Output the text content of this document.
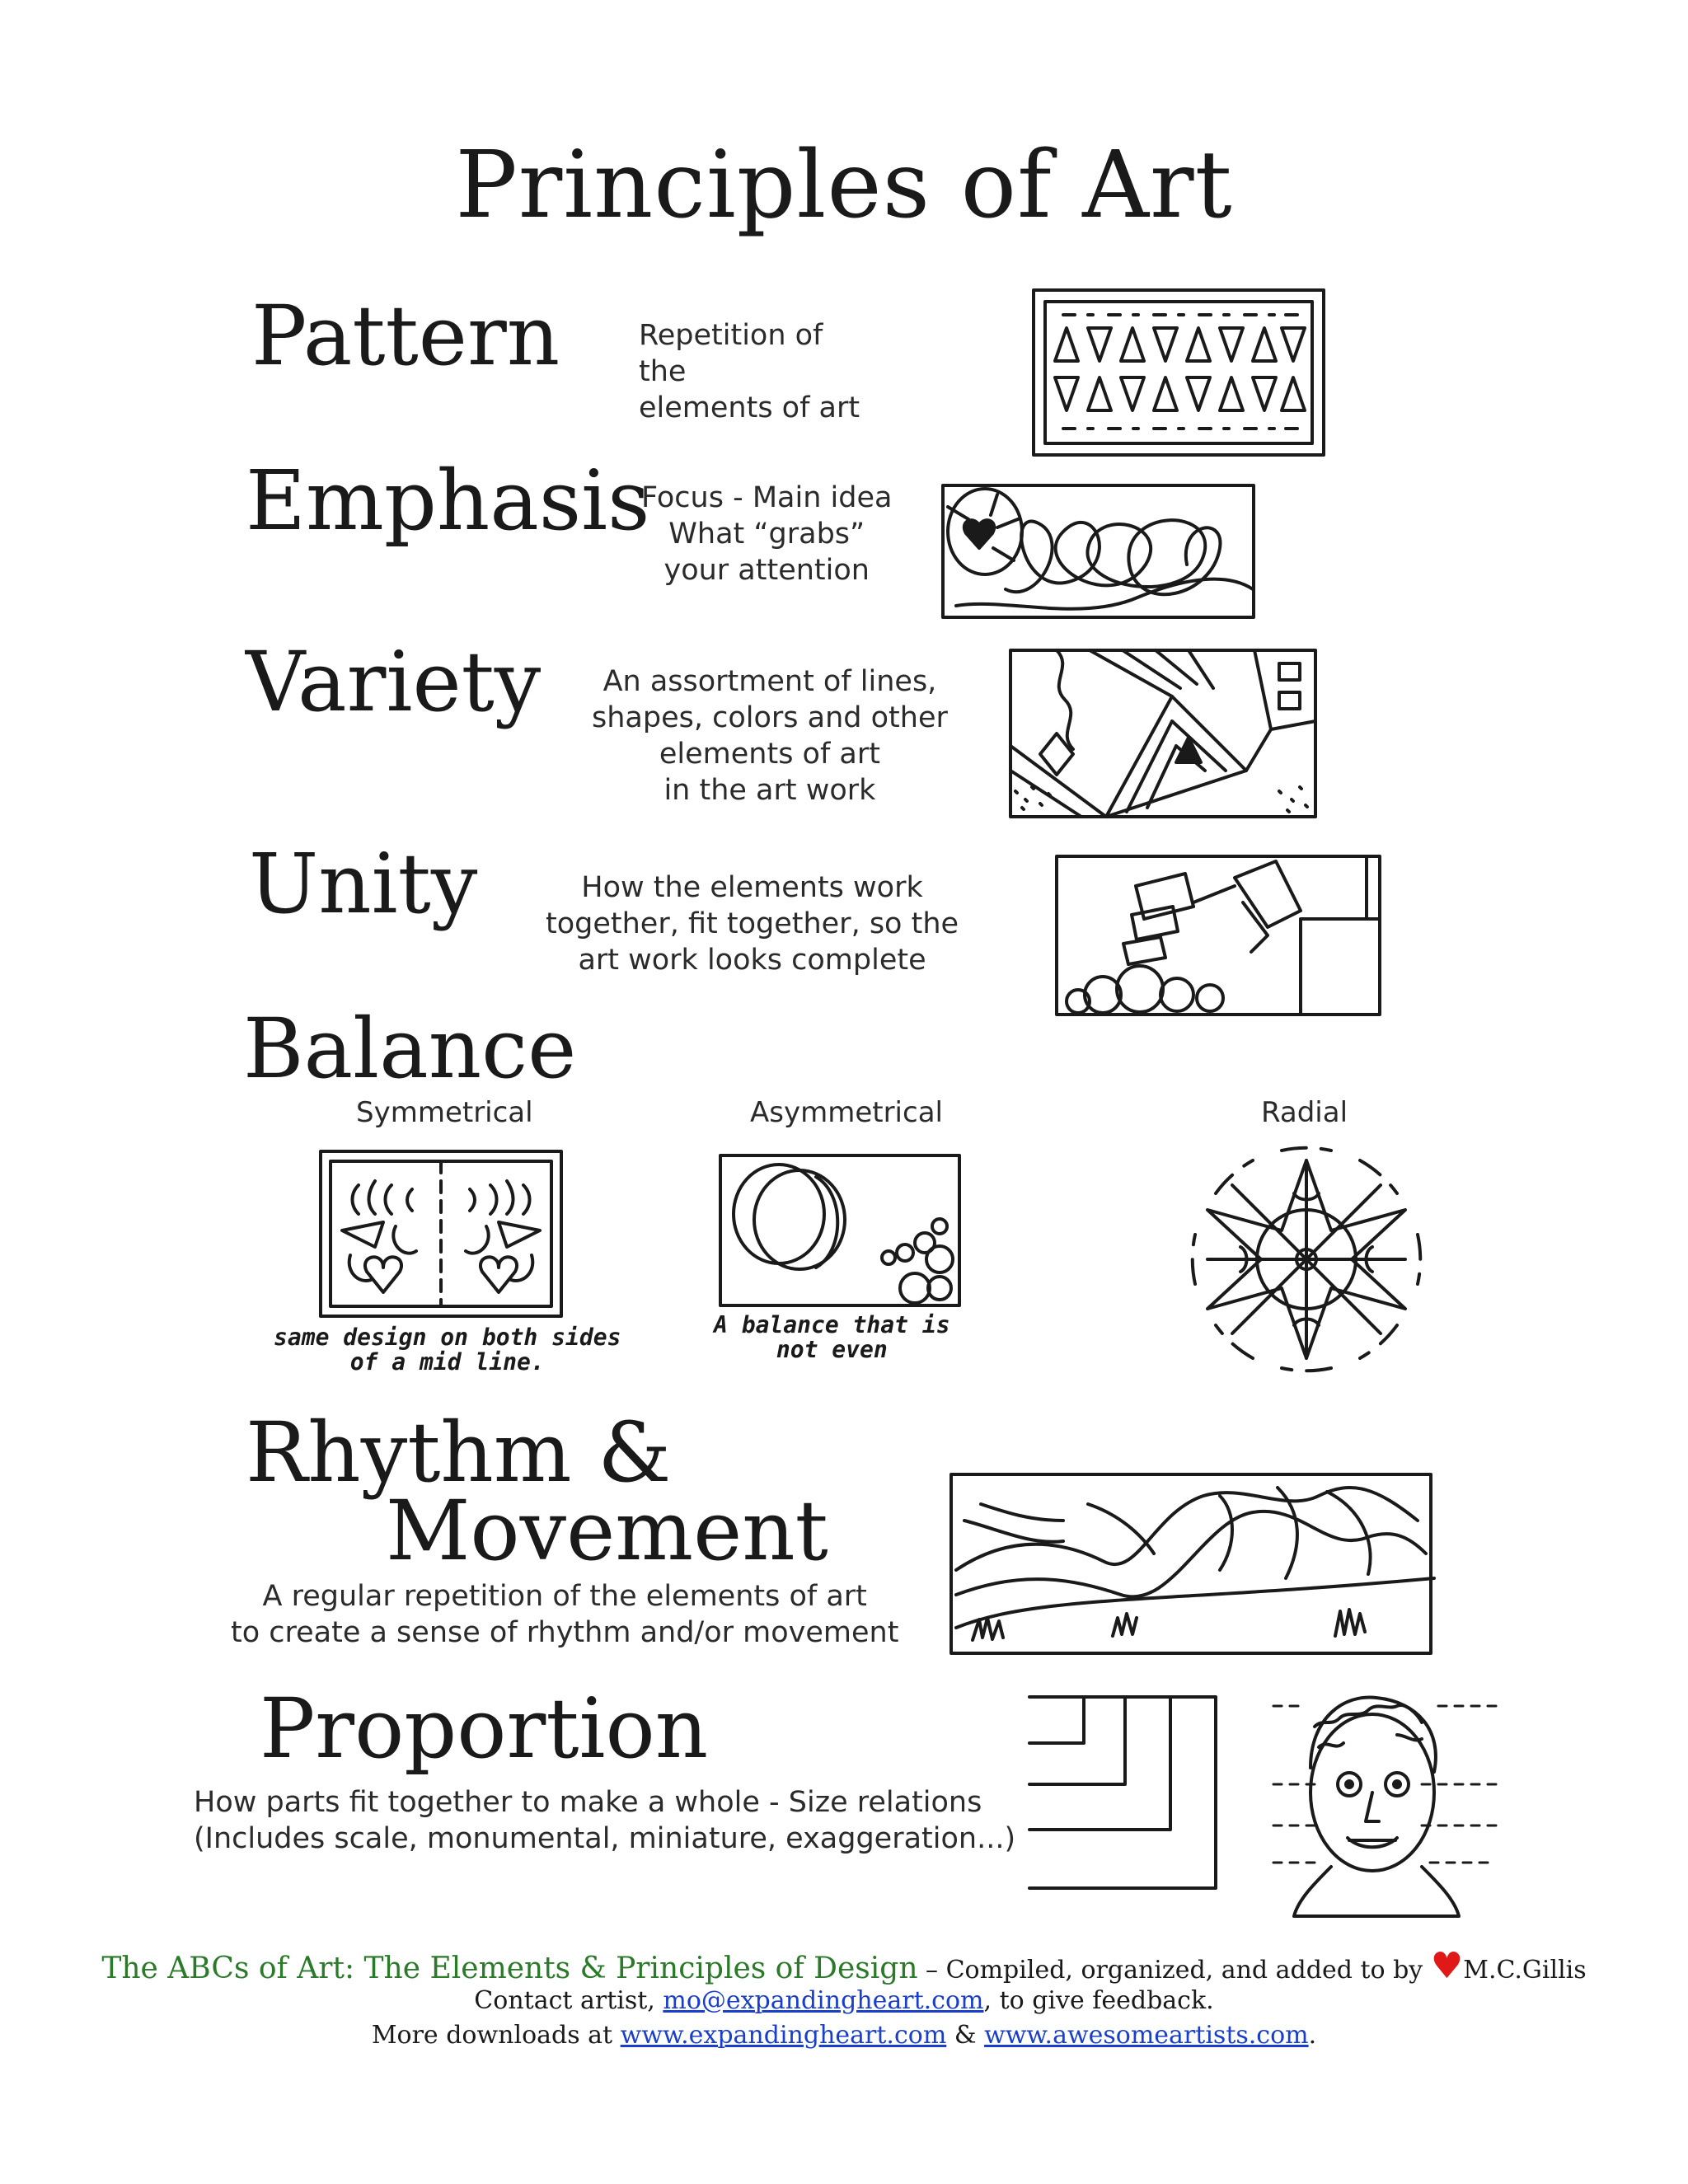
Principles of Art
Pattern	Repetition of
the
elements of art
Emphasis
Focus - Main idea
What “grabs”
your attention
Variety	An assortment of lines,
shapes, colors and other
elements of art
in the art work
Unity	How the elements work
together, fit together, so the
art work looks complete
Balance
Symmetrical
same design on both sides
of a mid line.
Asymmetrical
A balance that is
not even
Radial
Rhythm &
Movement
A regular repetition of the elements of art
to create a sense of rhythm and/or movement
Proportion
How parts fit together to make a whole - Size relations
(Includes scale, monumental, miniature, exaggeration...)
The ABCs of Art: The Elements & Principles of Design – Compiled, organized, and added to by ♥M.C.Gillis
Contact artist, mo@expandingheart.com, to give feedback.
More downloads at www.expandingheart.com & www.awesomeartists.com.
